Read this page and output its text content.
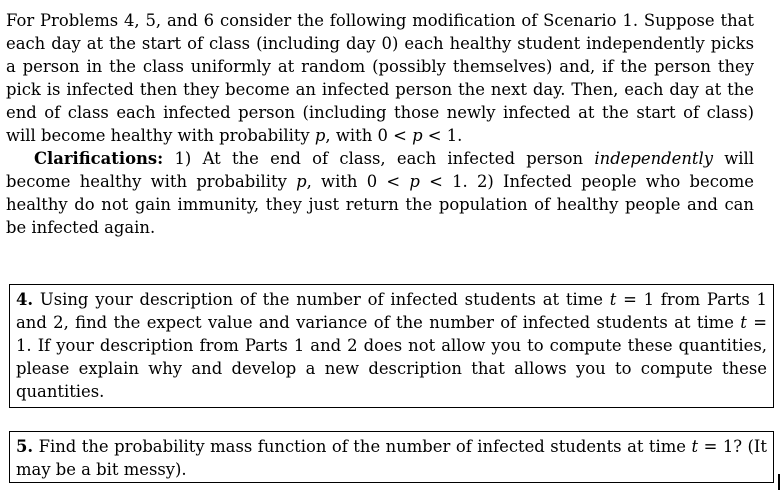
For Problems 4, 5, and 6 consider the following modification of Scenario 1. Suppose that each day at the start of class (including day 0) each healthy student independently picks a person in the class uniformly at random (possibly themselves) and, if the person they pick is infected then they become an infected person the next day. Then, each day at the end of class each infected person (including those newly infected at the start of class) will become healthy with probability p, with 0 < p < 1.
Clarifications: 1) At the end of class, each infected person independently will become healthy with probability p, with 0 < p < 1. 2) Infected people who become healthy do not gain immunity, they just return the population of healthy people and can be infected again.
4. Using your description of the number of infected students at time t = 1 from Parts 1 and 2, find the expect value and variance of the number of infected students at time t = 1. If your description from Parts 1 and 2 does not allow you to compute these quantities, please explain why and develop a new description that allows you to compute these quantities.
5. Find the probability mass function of the number of infected students at time t = 1? (It may be a bit messy).
